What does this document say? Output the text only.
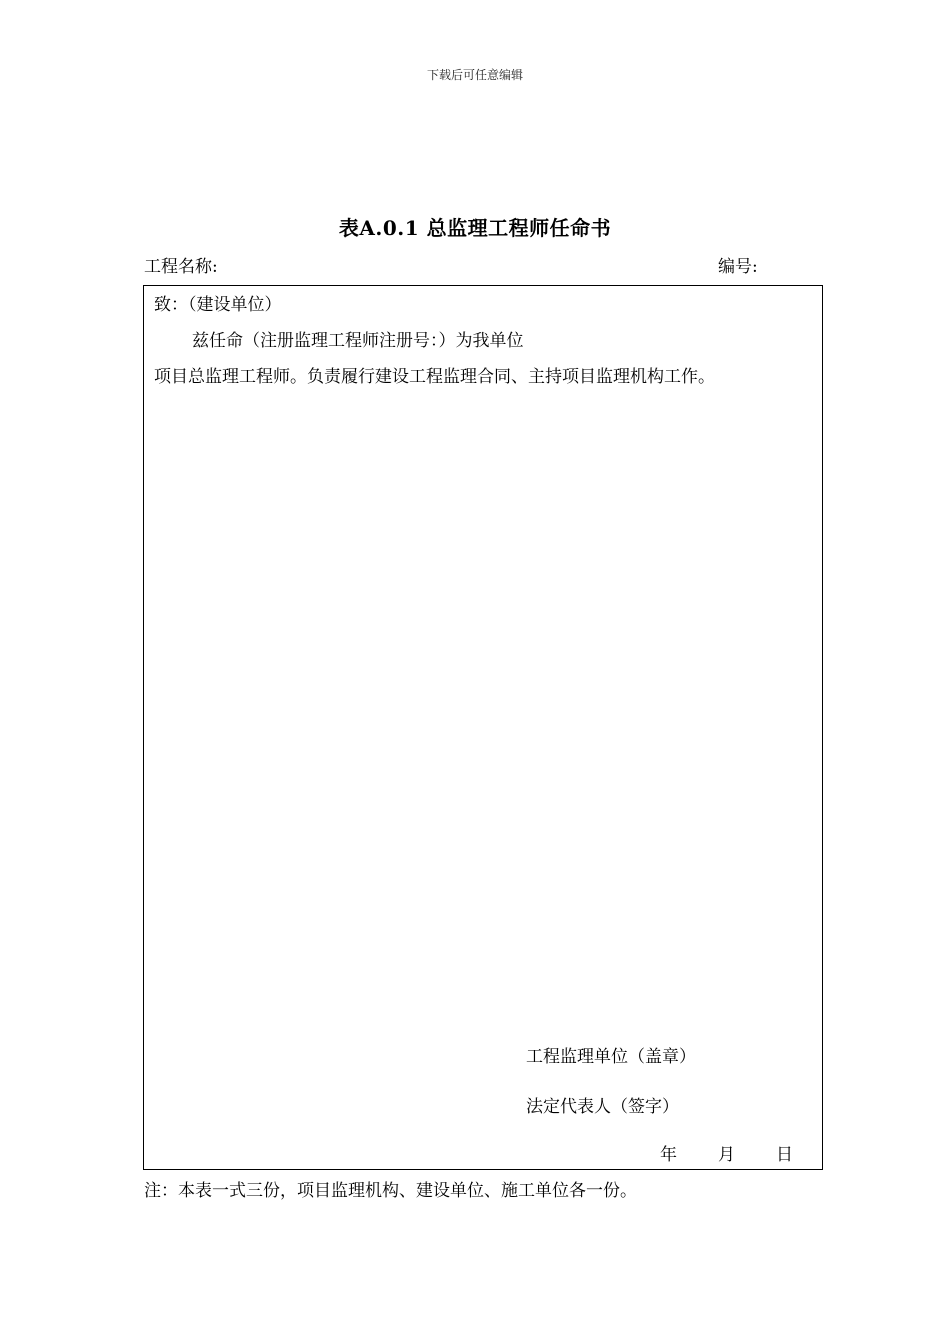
下载后可任意编辑
表A.0.1 总监理工程师任命书
工程名称:	编号:
致：（建设单位）
兹任命（注册监理工程师注册号：）为我单位
项目总监理工程师。负责履行建设工程监理合同、主持项目监理机构工作。
工程监理单位（盖章）
法定代表人（签字）
年 月 日
注：本表一式三份，项目监理机构、建设单位、施工单位各一份。
